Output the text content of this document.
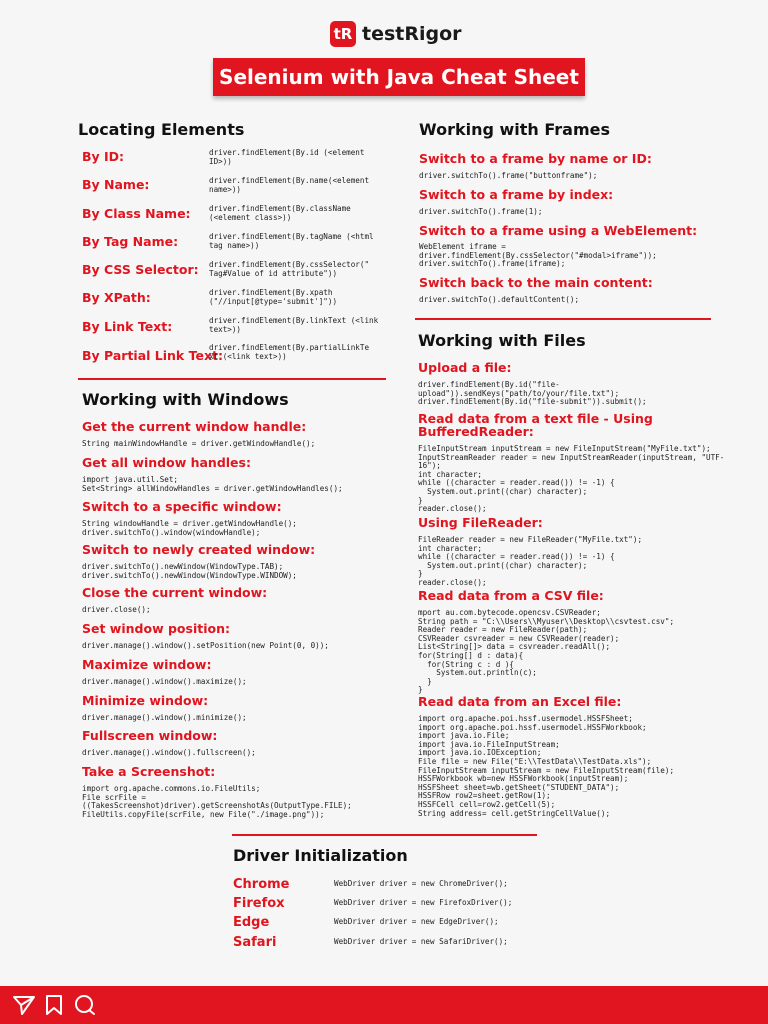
tR testRigor
Selenium with Java Cheat Sheet
Locating Elements
By ID:	driver.findElement(By.id (<element ID>))
By Name:	driver.findElement(By.name(<element name>))
By Class Name: driver.findElement(By.className (<element class>))
By Tag Name:	driver.findElement(By.tagName (<html tag name>))
By CSS Selector: driver.findElement(By.cssSelector(" Tag#Value of id attribute"))
By XPath:	driver.findElement(By.xpath ("//input[@type='submit']"))
By Link Text:	driver.findElement(By.linkText (<link text>))
By Partial Link Text:
driver.findElement(By.partialLinkTe xt (<link text>))
Working with Windows
Get the current window handle:
String mainWindowHandle = driver.getWindowHandle();
Get all window handles:
import java.util.Set;
Set<String> allWindowHandles = driver.getWindowHandles();
Switch to a specific window:
String windowHandle = driver.getWindowHandle();
driver.switchTo().window(windowHandle);
Switch to newly created window:
driver.switchTo().newWindow(WindowType.TAB);
driver.switchTo().newWindow(WindowType.WINDOW);
Close the current window:
driver.close();
Set window position:
driver.manage().window().setPosition(new Point(0, 0));
Maximize window:
driver.manage().window().maximize();
Minimize window:
driver.manage().window().minimize();
Fullscreen window:
driver.manage().window().fullscreen();
Take a Screenshot:
import org.apache.commons.io.FileUtils;
File scrFile =
((TakesScreenshot)driver).getScreenshotAs(OutputType.FILE);
FileUtils.copyFile(scrFile, new File("./image.png"));
Working with Frames
Switch to a frame by name or ID:
driver.switchTo().frame("buttonframe");
Switch to a frame by index:
driver.switchTo().frame(1);
Switch to a frame using a WebElement:
WebElement iframe =
driver.findElement(By.cssSelector("#modal>iframe"));
driver.switchTo().frame(iframe);
Switch back to the main content:
driver.switchTo().defaultContent();
Working with Files
Upload a file:
driver.findElement(By.id("file-
upload")).sendKeys("path/to/your/file.txt");
driver.findElement(By.id("file-submit")).submit();
Read data from a text file - Using
BufferedReader:
FileInputStream inputStream = new FileInputStream("MyFile.txt");
InputStreamReader reader = new InputStreamReader(inputStream, "UTF-
16");
int character;
while ((character = reader.read()) != -1) {
System.out.print((char) character);
}
reader.close();
Using FileReader:
FileReader reader = new FileReader("MyFile.txt");
int character;
while ((character = reader.read()) != -1) {
System.out.print((char) character);
}
reader.close();
Read data from a CSV file:
mport au.com.bytecode.opencsv.CSVReader;
String path = "C:\\Users\\Myuser\\Desktop\\csvtest.csv";
Reader reader = new FileReader(path);
CSVReader csvreader = new CSVReader(reader);
List<String[]> data = csvreader.readAll();
for(String[] d : data){
for(String c : d ){
System.out.println(c);
}
}
Read data from an Excel file:
import org.apache.poi.hssf.usermodel.HSSFSheet;
import org.apache.poi.hssf.usermodel.HSSFWorkbook;
import java.io.File;
import java.io.FileInputStream;
import java.io.IOException;
File file = new File("E:\\TestData\\TestData.xls");
FileInputStream inputStream = new FileInputStream(file);
HSSFWorkbook wb=new HSSFWorkbook(inputStream);
HSSFSheet sheet=wb.getSheet("STUDENT_DATA");
HSSFRow row2=sheet.getRow(1);
HSSFCell cell=row2.getCell(5);
String address= cell.getStringCellValue();
Driver Initialization
Chrome	WebDriver driver = new ChromeDriver();
Firefox	WebDriver driver = new FirefoxDriver();
Edge	WebDriver driver = new EdgeDriver();
Safari	WebDriver driver = new SafariDriver();
